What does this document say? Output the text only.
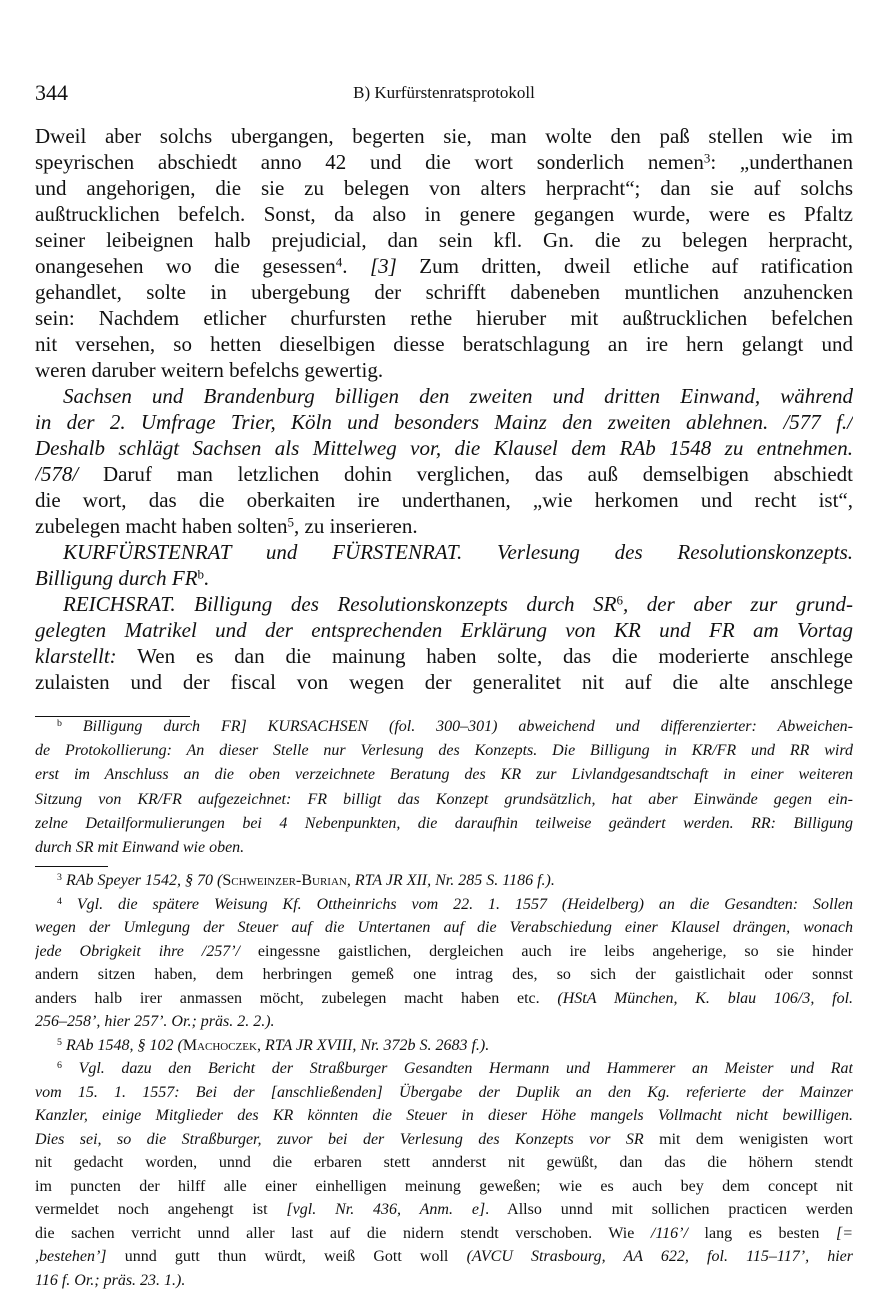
344	B) Kurfürstenratsprotokoll
Dweil aber solchs ubergangen, begerten sie, man wolte den paß stellen wie im
speyrischen abschiedt anno 42 und die wort sonderlich nemen$^3$: „underthanen
und angehorigen, die sie zu belegen von alters herpracht“; dan sie auf solchs
außtrucklichen befelch. Sonst, da also in genere gegangen wurde, were es Pfaltz
seiner leibeignen halb prejudicial, dan sein kfl. Gn. die zu belegen herpracht,
onangesehen wo die gesessen$^4$. [3] Zum dritten, dweil etliche auf ratification
gehandlet, solte in ubergebung der schrifft dabeneben muntlichen anzuhencken
sein: Nachdem etlicher churfursten rethe hieruber mit außtrucklichen befelchen
nit versehen, so hetten dieselbigen diesse beratschlagung an ire hern gelangt und
weren daruber weitern befelchs gewertig.
Sachsen und Brandenburg billigen den zweiten und dritten Einwand, während
in der 2. Umfrage Trier, Köln und besonders Mainz den zweiten ablehnen. /577 f./
Deshalb schlägt Sachsen als Mittelweg vor, die Klausel dem RAb 1548 zu entnehmen.
/578/ Daruf man letzlichen dohin verglichen, das auß demselbigen abschiedt
die wort, das die oberkaiten ire underthanen, „wie herkomen und recht ist“,
zubelegen macht haben solten$^5$, zu inserieren.
KURFÜRSTENRAT und FÜRSTENRAT. Verlesung des Resolutionskonzepts.
Billigung durch $FR^b$.
REICHSRAT. Billigung des Resolutionskonzepts durch $SR^6$, der aber zur grund-
gelegten Matrikel und der entsprechenden Erklärung von KR und FR am Vortag
klarstellt: Wen es dan die mainung haben solte, das die moderierte anschlege
zulaisten und der fiscal von wegen der generalitet nit auf die alte anschlege
$^b$ Billigung durch FR] KURSACHSEN (fol. 300–301) abweichend und differenzierter: Abweichen-
de Protokollierung: An dieser Stelle nur Verlesung des Konzepts. Die Billigung in KR/FR und RR wird
erst im Anschluss an die oben verzeichnete Beratung des KR zur Livlandgesandtschaft in einer weiteren
Sitzung von KR/FR aufgezeichnet: FR billigt das Konzept grundsätzlich, hat aber Einwände gegen ein-
zelne Detailformulierungen bei 4 Nebenpunkten, die daraufhin teilweise geändert werden. RR: Billigung
durch SR mit Einwand wie oben.
$^3$ RAb Speyer 1542, § 70 (Schweinzer-Burian, RTA JR XII, Nr. 285 S. 1186 f.).
$^4$ Vgl. die spätere Weisung Kf. Ottheinrichs vom 22. 1. 1557 (Heidelberg) an die Gesandten: Sollen
wegen der Umlegung der Steuer auf die Untertanen auf die Verabschiedung einer Klausel drängen, wonach
jede Obrigkeit ihre /257’/ eingessne gaistlichen, dergleichen auch ire leibs angeherige, so sie hinder
andern sitzen haben, dem herbringen gemeß one intrag des, so sich der gaistlichait oder sonnst
anders halb irer anmassen möcht, zubelegen macht haben etc. (HStA München, K. blau 106/3, fol.
256–258’, hier 257’. Or.; präs. 2. 2.).
$^5$ RAb 1548, § 102 (Machoczek, RTA JR XVIII, Nr. 372b S. 2683 f.).
$^6$ Vgl. dazu den Bericht der Straßburger Gesandten Hermann und Hammerer an Meister und Rat
vom 15. 1. 1557: Bei der [anschließenden] Übergabe der Duplik an den Kg. referierte der Mainzer
Kanzler, einige Mitglieder des KR könnten die Steuer in dieser Höhe mangels Vollmacht nicht bewilligen.
Dies sei, so die Straßburger, zuvor bei der Verlesung des Konzepts vor SR mit dem wenigisten wort
nit gedacht worden, unnd die erbaren stett annderst nit gewüßt, dan das die höhern stendt
im puncten der hilff alle einer einhelligen meinung geweßen; wie es auch bey dem concept nit
vermeldet noch angehengt ist [vgl. Nr. 436, Anm. e]. Allso unnd mit sollichen practicen werden
die sachen verricht unnd aller last auf die nidern stendt verschoben. Wie /116’/ lang es besten [=
,bestehen’] unnd gutt thun würdt, weiß Gott woll (AVCU Strasbourg, AA 622, fol. 115–117’, hier
116 f. Or.; präs. 23. 1.).
